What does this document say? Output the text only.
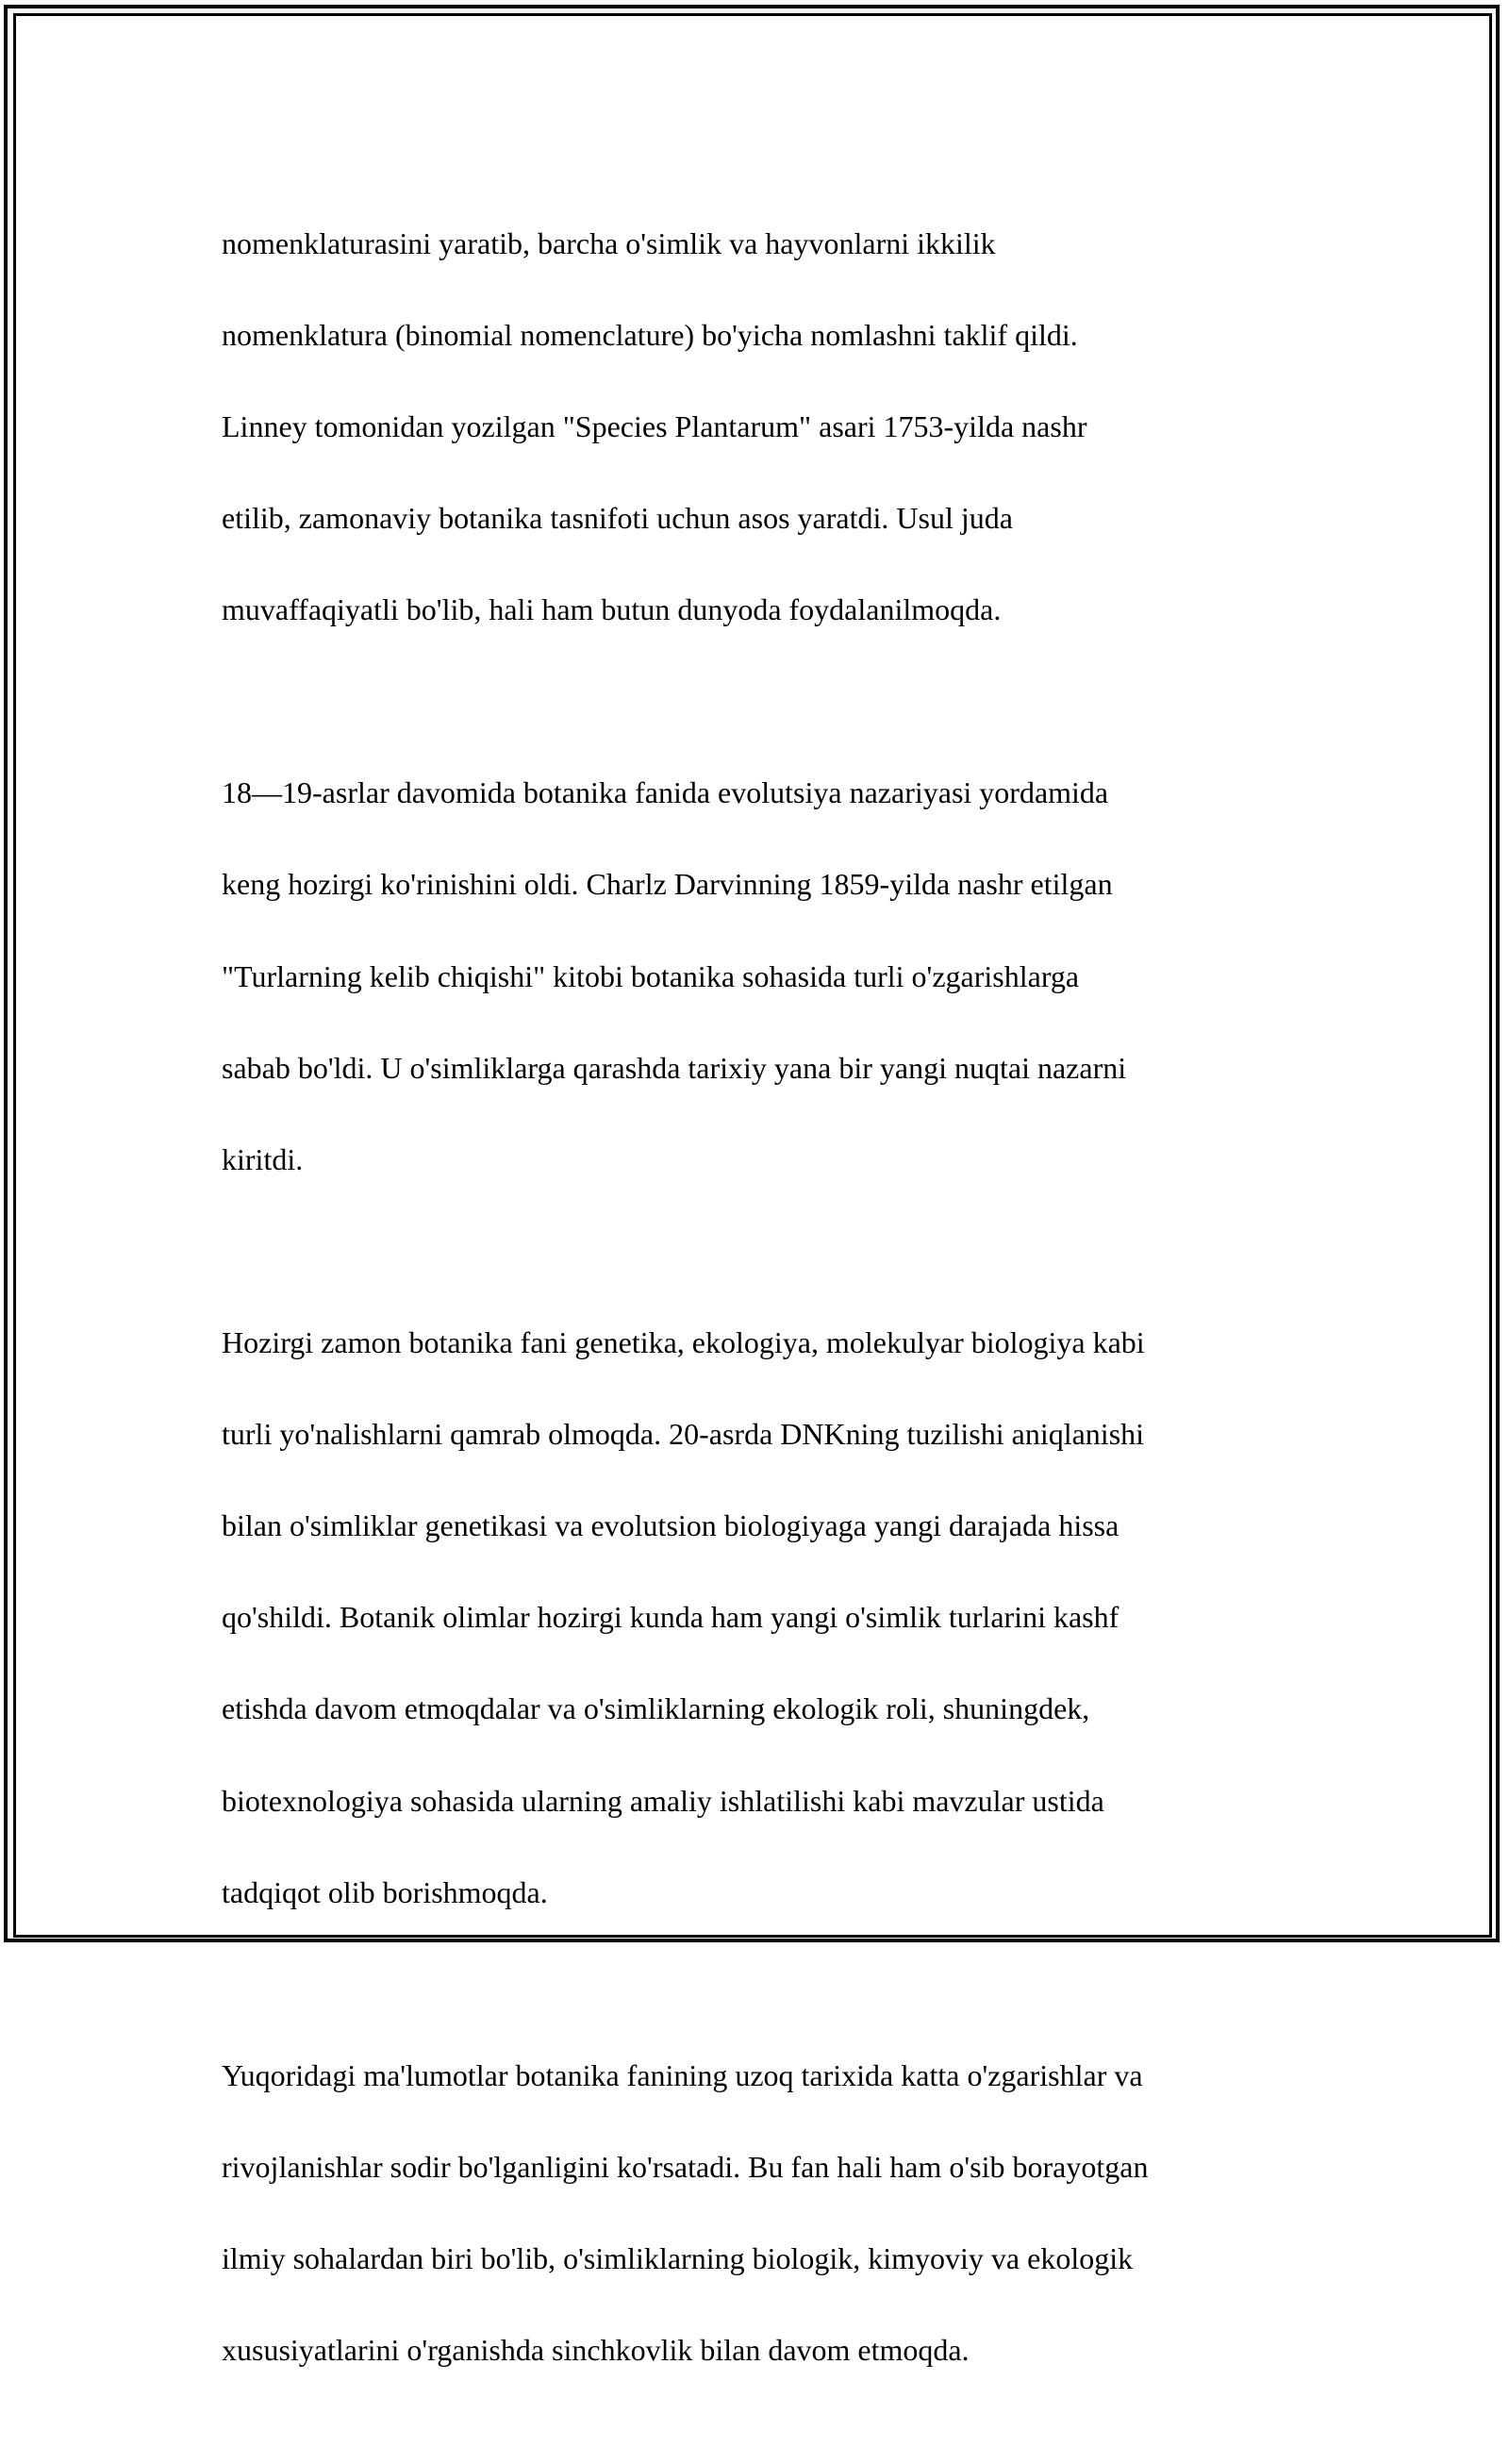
nomenklaturasini yaratib, barcha o'simlik va hayvonlarni ikkilik

nomenklatura (binomial nomenclature) bo'yicha nomlashni taklif qildi.

Linney tomonidan yozilgan "Species Plantarum" asari 1753-yilda nashr

etilib, zamonaviy botanika tasnifoti uchun asos yaratdi. Usul juda

muvaffaqiyatli bo'lib, hali ham butun dunyoda foydalanilmoqda.

18—19-asrlar davomida botanika fanida evolutsiya nazariyasi yordamida

keng hozirgi ko'rinishini oldi. Charlz Darvinning 1859-yilda nashr etilgan

"Turlarning kelib chiqishi" kitobi botanika sohasida turli o'zgarishlarga

sabab bo'ldi. U o'simliklarga qarashda tarixiy yana bir yangi nuqtai nazarni

kiritdi.

Hozirgi zamon botanika fani genetika, ekologiya, molekulyar biologiya kabi

turli yo'nalishlarni qamrab olmoqda. 20-asrda DNKning tuzilishi aniqlanishi

bilan o'simliklar genetikasi va evolutsion biologiyaga yangi darajada hissa

qo'shildi. Botanik olimlar hozirgi kunda ham yangi o'simlik turlarini kashf

etishda davom etmoqdalar va o'simliklarning ekologik roli, shuningdek,

biotexnologiya sohasida ularning amaliy ishlatilishi kabi mavzular ustida

tadqiqot olib borishmoqda.

Yuqoridagi ma'lumotlar botanika fanining uzoq tarixida katta o'zgarishlar va

rivojlanishlar sodir bo'lganligini ko'rsatadi. Bu fan hali ham o'sib borayotgan

ilmiy sohalardan biri bo'lib, o'simliklarning biologik, kimyoviy va ekologik

xususiyatlarini o'rganishda sinchkovlik bilan davom etmoqda.
